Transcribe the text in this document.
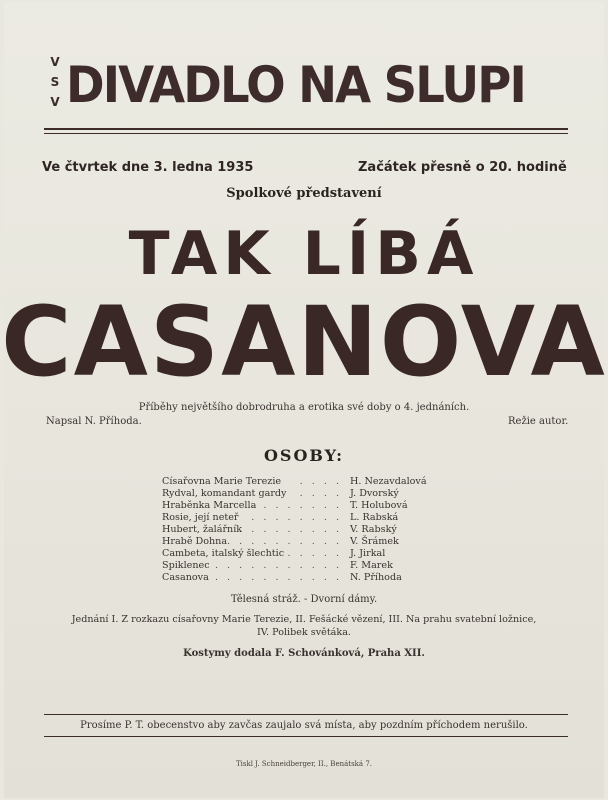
V
S
V DIVADLO NA SLUPI
Ve čtvrtek dne 3. ledna 1935	Začátek přesně o 20. hodině
Spolkové představení
TAK LÍBÁ
CASANOVA
Příběhy největšího dobrodruha a erotika své doby o 4. jednáních.
Napsal N. Příhoda.	Režie autor.
OSOBY:
Císařovna Marie Terezie . . . . H. Nezavdalová
Rydval, komandant gardy . . . . J. Dvorský
Hraběnka Marcella
. . . . . . . . T. Holubová
Rosie, její neteř . . . . . . . . L. Rabská
Hubert, žalářník . . . . . . . . V. Rabský
Hrabě Dohna . . . . . . . . . . V. Šrámek
Cambeta, italský šlechtic
. . . . . . J. Jirkal
Spiklenec . . . . . . . . . . . F. Marek
Casanova . . . . . . . . . . . N. Příhoda
Tělesná stráž. - Dvorní dámy.
Jednání I. Z rozkazu císařovny Marie Terezie, II. Fešácké vězení, III. Na prahu svatební ložnice,
IV. Polibek světáka.
Kostymy dodala F. Schovánková, Praha XII.
Prosíme P. T. obecenstvo aby zavčas zaujalo svá místa, aby pozdním příchodem nerušilo.
Tiskl J. Schneidberger, II., Benátská 7.
